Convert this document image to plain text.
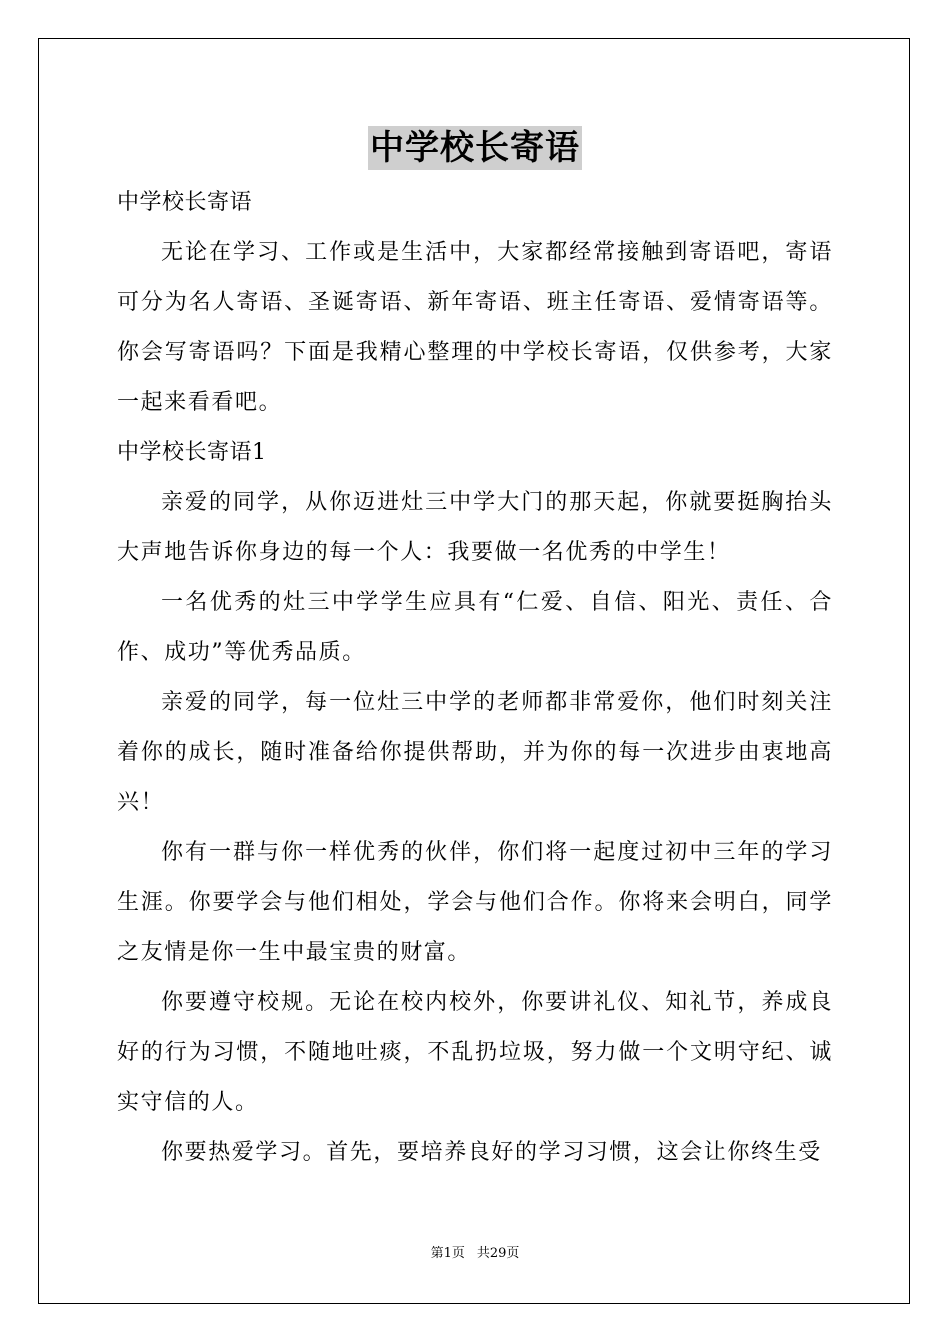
中学校长寄语

中学校长寄语

无论在学习、工作或是生活中，大家都经常接触到寄语吧，寄语可分为名人寄语、圣诞寄语、新年寄语、班主任寄语、爱情寄语等。你会写寄语吗？下面是我精心整理的中学校长寄语，仅供参考，大家一起来看看吧。

中学校长寄语1

亲爱的同学，从你迈进灶三中学大门的那天起，你就要挺胸抬头大声地告诉你身边的每一个人：我要做一名优秀的中学生！

一名优秀的灶三中学学生应具有“仁爱、自信、阳光、责任、合作、成功”等优秀品质。

亲爱的同学，每一位灶三中学的老师都非常爱你，他们时刻关注着你的成长，随时准备给你提供帮助，并为你的每一次进步由衷地高兴！

你有一群与你一样优秀的伙伴，你们将一起度过初中三年的学习生涯。你要学会与他们相处，学会与他们合作。你将来会明白，同学之友情是你一生中最宝贵的财富。

你要遵守校规。无论在校内校外，你要讲礼仪、知礼节，养成良好的行为习惯，不随地吐痰，不乱扔垃圾，努力做一个文明守纪、诚实守信的人。

你要热爱学习。首先，要培养良好的学习习惯，这会让你终生受

第1页 共29页
